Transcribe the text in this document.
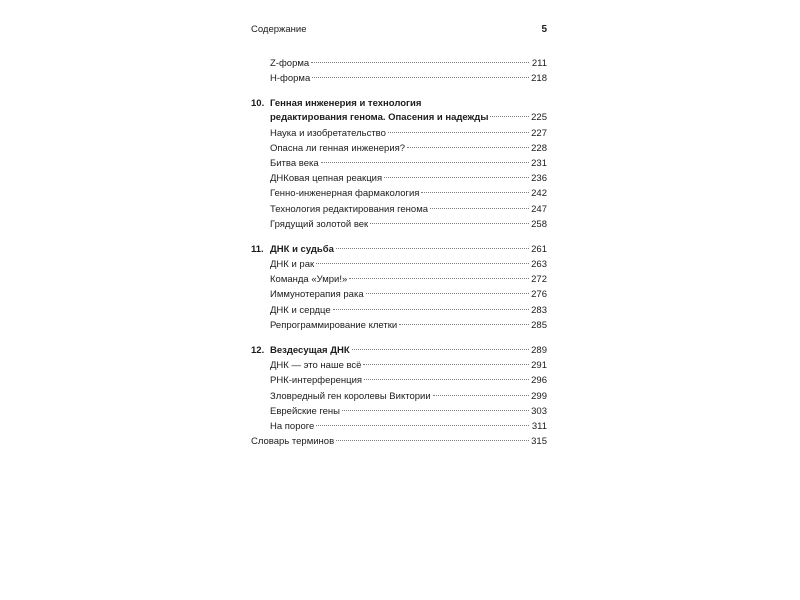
Содержание	5
Z-форма	211
H-форма	218
10. Генная инженерия и технология
редактирования генома. Опасения и надежды	225
Наука и изобретательство	227
Опасна ли генная инженерия?	228
Битва века	231
ДНКовая цепная реакция	236
Генно-инженерная фармакология	242
Технология редактирования генома	247
Грядущий золотой век	258
11. ДНК и судьба	261
ДНК и рак	263
Команда «Умри!»	272
Иммунотерапия рака	276
ДНК и сердце	283
Репрограммирование клетки	285
12. Вездесущая ДНК	289
ДНК — это наше всё	291
РНК-интерференция	296
Зловредный ген королевы Виктории	299
Еврейские гены	303
На пороге	311
Словарь терминов	315
